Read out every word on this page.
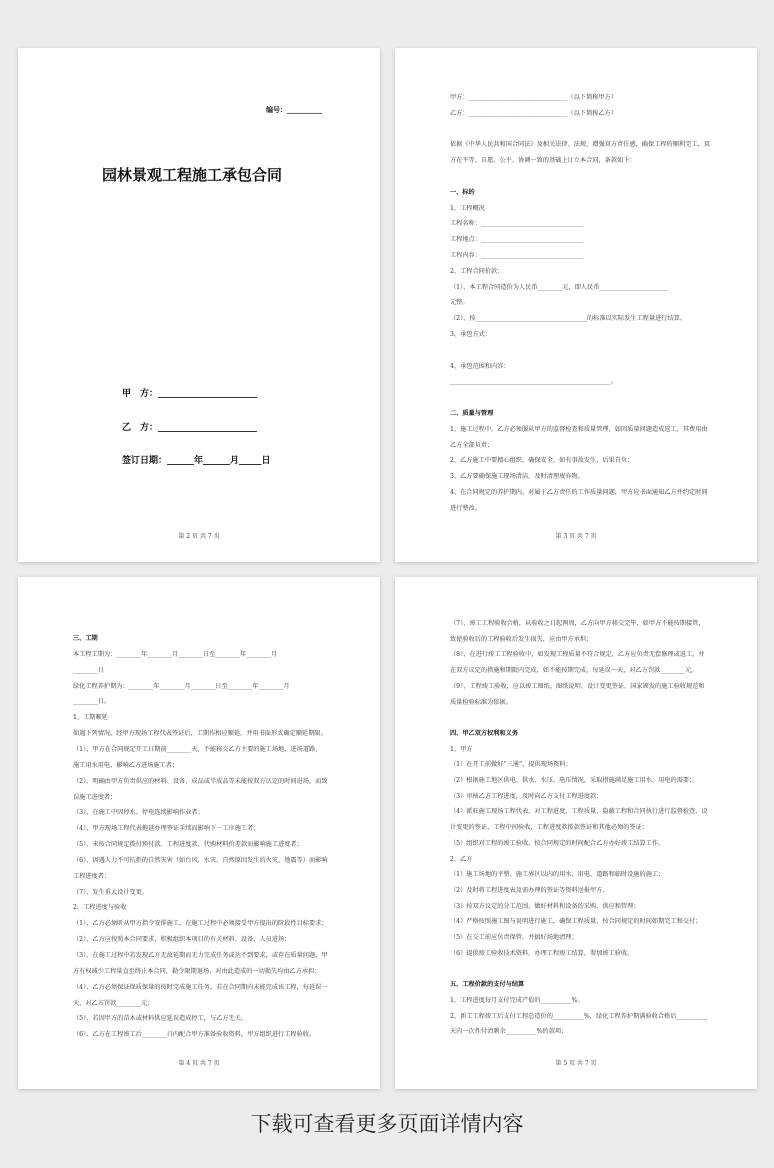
编号：__________
园林景观工程施工承包合同
甲　方：______________________
乙　方：______________________
签订日期：______年______月_____日
第 2 页 共 7 页	第 3 页 共 7 页
甲方：________________________________（以下简称甲方）
乙方：________________________________（以下简称乙方）
依据《中华人民共和国合同法》及相关法律、法规，增强双方责任感，确保工程的顺利完工，双
方在平等、自愿、公平、协调一致的基础上订立本合同，条款如下：
一、标的
1、工程概况
工程名称：_________________________________
工程地点：_________________________________
工程内容：_________________________________
2、工程合同价款：
（1）、本工程合同造价为人民币________元，即人民币______________________
元整。
（2）、按____________________________________的标准以实际发生工程量进行结算。
3、承包方式：
4、承包范围和内容：
____________________________________________________。
二、质量与管理
1、施工过程中，乙方必须服从甲方的监督检查和质量管理，如因质量问题造成返工，其费用由
乙方全部负责；
2、乙方施工中要精心组织，确保安全，如有事故发生，后果自负；
3、乙方要确保施工现场清洁，及时清理废弃物。
4、在合同规定的养护期内，对属于乙方责任的工作质量问题，甲方应书面通知乙方并约定时间
进行整改。
第 4 页 共 7 页
三、工期
本工程工期为：________年________月________日至________年________月
________日
绿化工程养护期为：________年________月________日至________年________月
________日。
1、工期顺延
如遇下列情况，经甲方现场工程代表签证后，工期作相应顺延，并用书面形式确定顺延期限。
（1）、甲方在合同规定开工日期前________天，不能移交乙方主要的施工场地、进场道路、
施工用水用电，影响乙方进场施工者；
（2）、明确由甲方负责供应的材料、设备、成品或半成品等未能按双方认定的时间进场，而致
误施工进度者；
（3）、在施工中因停水、停电连续影响作业者；
（4）、甲方现场工程代表拖延办理签证手续而影响下一工序施工者；
（5）、未按合同规定拨付预付款、工程进度款、代购材料价差款而影响施工进度者；
（6）、因遇人力不可抗拒的自然灾害（如台风、水灾、自然原因发生的火灾、地震等）而影响
工程进度者；
（7）、发生重大设计变更。
2、工程进度与验收
（1）、乙方必须听从甲方指令安排施工，在施工过程中必须接受甲方提出的阶段性目标要求；
（2）、乙方应按照本合同要求、积极组织本项目的有关材料、设备、人员进场；
（3）、在施工过程中若发现乙方无故延期而无力完成任务或达不到要求，或存在质量问题，甲
方有权减少工程量直至终止本合同，勒令限期退场，对由此造成的一切损失均由乙方承担；
（4）、乙方必须保证保质保量的按时完成施工任务，若在合同期内未能完成该工程，每延误一
天，对乙方罚款________元；
（5）、若因甲方的苗木或材料供应延误造成停工，与乙方无关。
（6）、乙方在工程竣工后________日内配合甲方准备验收资料，甲方组织进行工程验收。
第 5 页 共 7 页
（7）、竣工工程验收合格，从验收之日起两周，乙方向甲方移交完毕，如甲方不能按期接管，
致使验收后的工程验收后发生损失，应由甲方承担；
（8）、在进行竣工工程验收中，如发现工程质量不符合规定，乙方应负责无偿修理或返工，并
在双方议定的措施和期限内完成，如不能按期完成，每延误一天，对乙方罚款________元。
（9）、工程竣工验收，应以竣工图纸、图纸说明、设计变更签证、国家颁发的施工验收规范和
质量检验标准为依据。
四、甲乙双方权利和义务
1、甲方
（1）在开工前做好“三通”，提供现场资料；
（2）根据施工地区供电、供水、水压、电压情况，采取措施满足施工用水、用电的需要；。
（3）审核乙方工程进度，及时向乙方支付工程进度款；
（4）派驻施工现场工程代表，对工程进度、工程质量、隐蔽工程和合同执行进行监督检查，设
计变更的签证，工程中间验收，工程进度款拨款签证和其他必须的签证；
（5）组织对工程的竣工验收，按合同规定的时间配合乙方办好竣工结算工作。
2、乙方
（1）施工场地的平整、施工界区以内的用水、用电、道路和临时设施的施工；
（2）及时将工程进度表及需办理的签证等资料送报甲方。
（3）按双方议定的分工范围，做好材料和设备的采购、供应和管理；
（4）严格按照施工图与说明进行施工，确保工程质量，按合同规定的时间如期完工和交付；
（5）在交工前应负责保管，并搞好场地清理；
（6）提供竣工验收技术资料，办理工程竣工结算，参加竣工验收。
五、工程价款的支付与结算
1、工程进度每月支付完成产值的__________%。
2、新工工程竣工后支付工程总造价的__________%，绿化工程养护期满验收合格后__________
天内一次性付清剩余__________%的款项；
下载可查看更多页面详情内容
